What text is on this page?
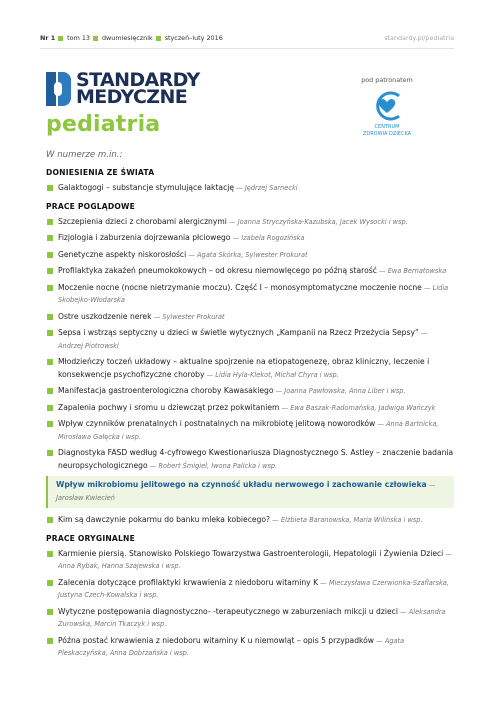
Nr 1 tom 13 dwumiesięcznik styczeń–luty 2016	standardy.pl/pediatria
STANDARDY
MEDYCZNE
pediatria
pod patronatem
CENTRUM
ZDROWIA DZIECKA
W numerze m.in.:
DONIESIENIA ZE ŚWIATA
Galaktogogi – substancje stymulujące laktację — Jędrzej Sarnecki
PRACE POGLĄDOWE
Szczepienia dzieci z chorobami alergicznymi — Joanna Stryczyńska-Kazubska, Jacek Wysocki i wsp.
Fizjologia i zaburzenia dojrzewania płciowego — Izabela Rogozińska
Genetyczne aspekty niskorosłości — Agata Skórka, Sylwester Prokurat
Profilaktyka zakażeń pneumokokowych – od okresu niemowlęcego po późną starość — Ewa Bernatowska
Moczenie nocne (nocne nietrzymanie moczu). Część I – monosymptomatyczne moczenie nocne — Lidia Skobejko-Włodarska
Ostre uszkodzenie nerek — Sylwester Prokurat
Sepsa i wstrząs septyczny u dzieci w świetle wytycznych „Kampanii na Rzecz Przeżycia Sepsy” — Andrzej Piotrowski
Młodzieńczy toczeń układowy – aktualne spojrzenie na etiopatogenezę, obraz kliniczny, leczenie i konsekwencje psychofizyczne choroby — Lidia Hyla-Klekot, Michał Chyra i wsp.
Manifestacja gastroenterologiczna choroby Kawasakiego — Joanna Pawłowska, Anna Liber i wsp.
Zapalenia pochwy i sromu u dziewcząt przez pokwitaniem — Ewa Baszak-Radomańska, Jadwiga Wańczyk
Wpływ czynników prenatalnych i postnatalnych na mikrobiotę jelitową noworodków — Anna Bartnicka, Mirosława Gałęcka i wsp.
Diagnostyka FASD według 4-cyfrowego Kwestionariusza Diagnostycznego S. Astley – znaczenie badania neuropsychologicznego — Robert Śmigiel, Iwona Palicka i wsp.
Wpływ mikrobiomu jelitowego na czynność układu nerwowego i zachowanie człowieka — Jarosław Kwiecień
Kim są dawczynie pokarmu do banku mleka kobiecego? — Elżbieta Baranowska, Maria Wilińska i wsp.
PRACE ORYGINALNE
Karmienie piersią. Stanowisko Polskiego Towarzystwa Gastroenterologii, Hepatologii i Żywienia Dzieci — Anna Rybak, Hanna Szajewska i wsp.
Zalecenia dotyczące profilaktyki krwawienia z niedoboru witaminy K — Mieczysława Czerwionka-Szaflarska, Justyna Czech-Kowalska i wsp.
Wytyczne postępowania diagnostyczno- -terapeutycznego w zaburzeniach mikcji u dzieci — Aleksandra Żurowska, Marcin Tkaczyk i wsp.
Późna postać krwawienia z niedoboru witaminy K u niemowląt – opis 5 przypadków — Agata Pleskaczyńska, Anna Dobrzańska i wsp.
